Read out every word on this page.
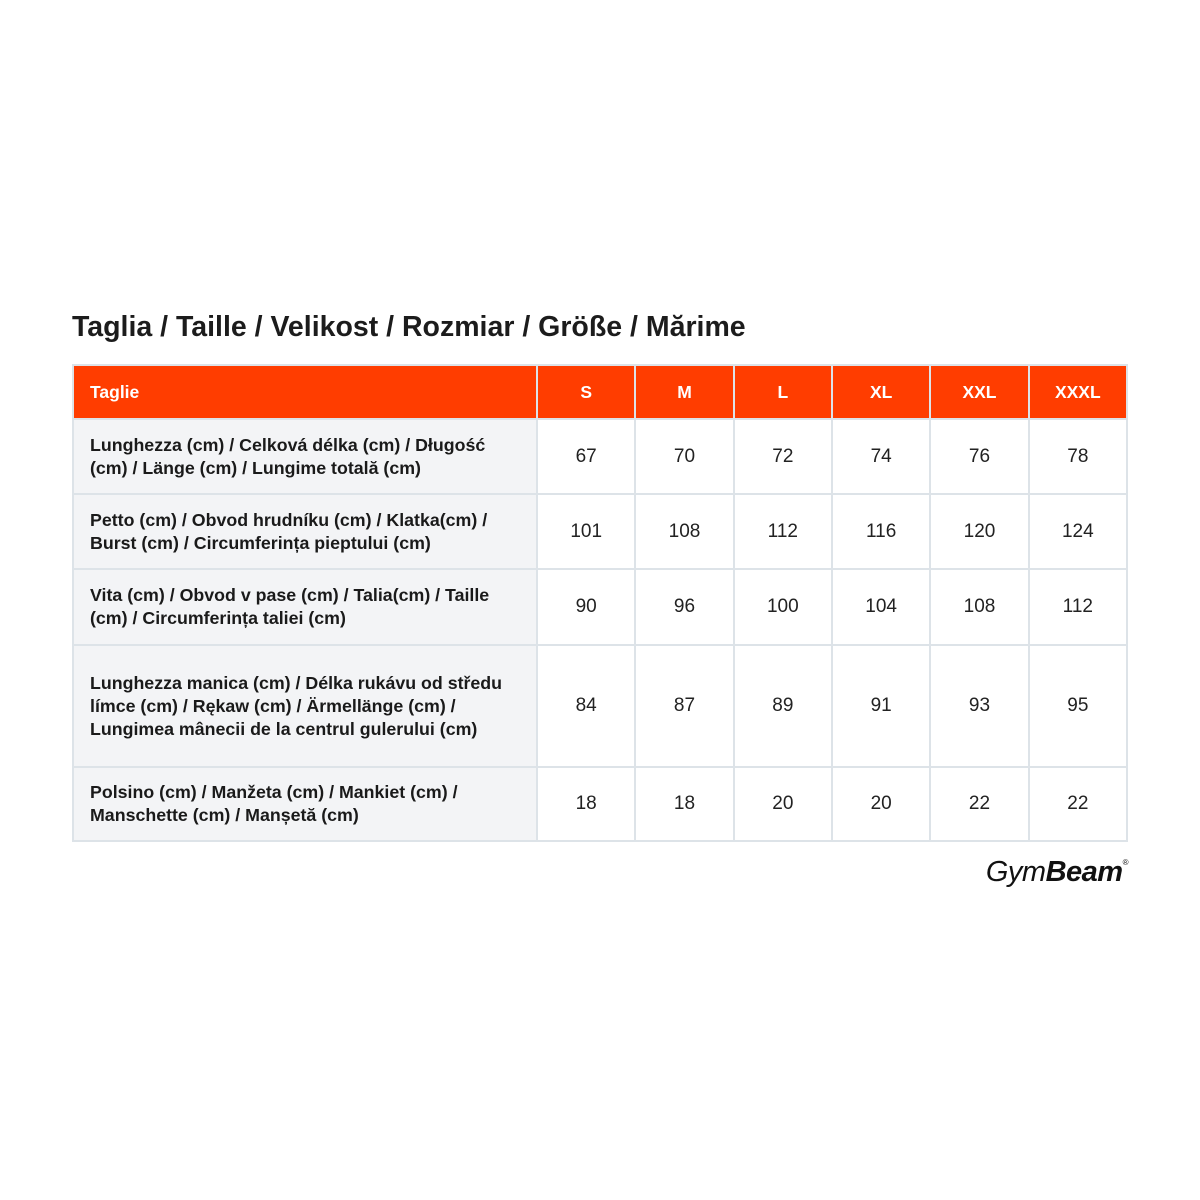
Taglia / Taille / Velikost / Rozmiar / Größe / Mărime
Taglie	S	M	L	XL	XXL	XXXL
Lunghezza (cm) / Celková délka (cm) / Długość (cm) / Länge (cm) / Lungime totală (cm)	67	70	72	74	76	78
Petto (cm) / Obvod hrudníku (cm) / Klatka(cm) / Burst (cm) / Circumferința pieptului (cm)	101	108	112	116	120	124
Vita (cm) / Obvod v pase (cm) / Talia(cm) / Taille (cm) / Circumferința taliei (cm)	90	96	100	104	108	112
Lunghezza manica (cm) / Délka rukávu od středu límce (cm) / Rękaw (cm) / Ärmellänge (cm) / Lungimea mânecii de la centrul gulerului (cm)	84	87	89	91	93	95
Polsino (cm) / Manžeta (cm) / Mankiet (cm) / Manschette (cm) / Manșetă (cm)	18	18	20	20	22	22
GymBeam®
